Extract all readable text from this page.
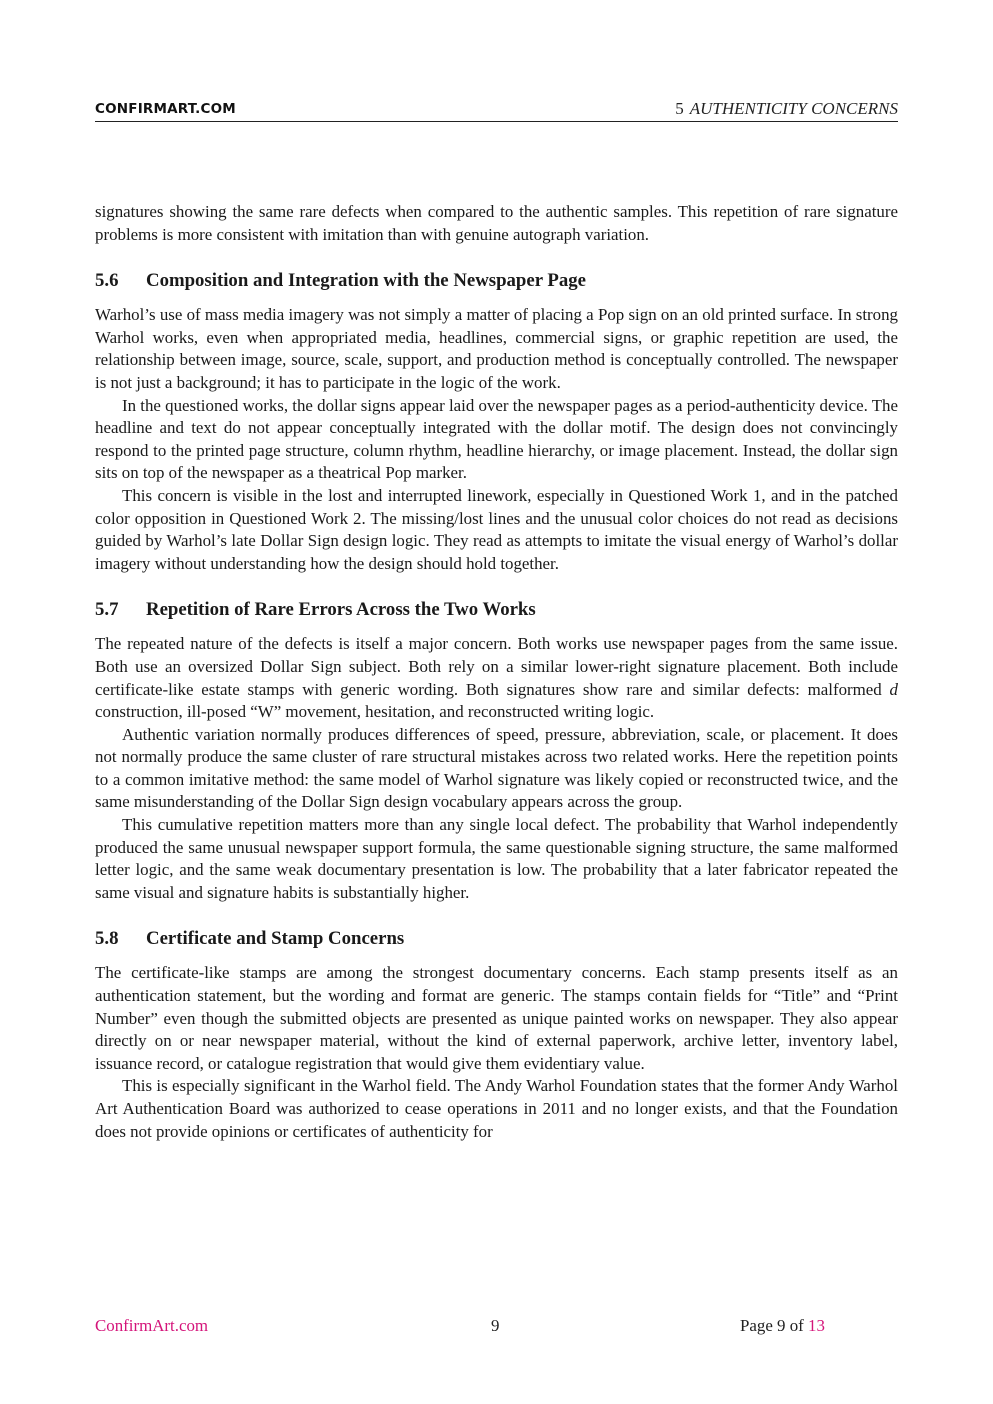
CONFIRMART.COM	5 AUTHENTICITY CONCERNS

signatures showing the same rare defects when compared to the authentic samples. This repetition of rare signature problems is more consistent with imitation than with genuine autograph variation.

5.6 Composition and Integration with the Newspaper Page

Warhol’s use of mass media imagery was not simply a matter of placing a Pop sign on an old printed surface. In strong Warhol works, even when appropriated media, headlines, commercial signs, or graphic repetition are used, the relationship between image, source, scale, support, and production method is conceptually controlled. The newspaper is not just a background; it has to participate in the logic of the work.

In the questioned works, the dollar signs appear laid over the newspaper pages as a period-authenticity device. The headline and text do not appear conceptually integrated with the dollar motif. The design does not convincingly respond to the printed page structure, column rhythm, headline hierarchy, or image placement. Instead, the dollar sign sits on top of the newspaper as a theatrical Pop marker.

This concern is visible in the lost and interrupted linework, especially in Questioned Work 1, and in the patched color opposition in Questioned Work 2. The missing/lost lines and the unusual color choices do not read as decisions guided by Warhol’s late Dollar Sign design logic. They read as attempts to imitate the visual energy of Warhol’s dollar imagery without understanding how the design should hold together.

5.7 Repetition of Rare Errors Across the Two Works

The repeated nature of the defects is itself a major concern. Both works use newspaper pages from the same issue. Both use an oversized Dollar Sign subject. Both rely on a similar lower-right signature placement. Both include certificate-like estate stamps with generic wording. Both signatures show rare and similar defects: malformed d construction, ill-posed “W” movement, hesitation, and reconstructed writing logic.

Authentic variation normally produces differences of speed, pressure, abbreviation, scale, or placement. It does not normally produce the same cluster of rare structural mistakes across two related works. Here the repetition points to a common imitative method: the same model of Warhol signature was likely copied or reconstructed twice, and the same misunderstanding of the Dollar Sign design vocabulary appears across the group.

This cumulative repetition matters more than any single local defect. The probability that Warhol independently produced the same unusual newspaper support formula, the same questionable signing structure, the same malformed letter logic, and the same weak documentary presentation is low. The probability that a later fabricator repeated the same visual and signature habits is substantially higher.

5.8 Certificate and Stamp Concerns

The certificate-like stamps are among the strongest documentary concerns. Each stamp presents itself as an authentication statement, but the wording and format are generic. The stamps contain fields for “Title” and “Print Number” even though the submitted objects are presented as unique painted works on newspaper. They also appear directly on or near newspaper material, without the kind of external paperwork, archive letter, inventory label, issuance record, or catalogue registration that would give them evidentiary value.

This is especially significant in the Warhol field. The Andy Warhol Foundation states that the former Andy Warhol Art Authentication Board was authorized to cease operations in 2011 and no longer exists, and that the Foundation does not provide opinions or certificates of authenticity for

ConfirmArt.com	9	Page 9 of 13
